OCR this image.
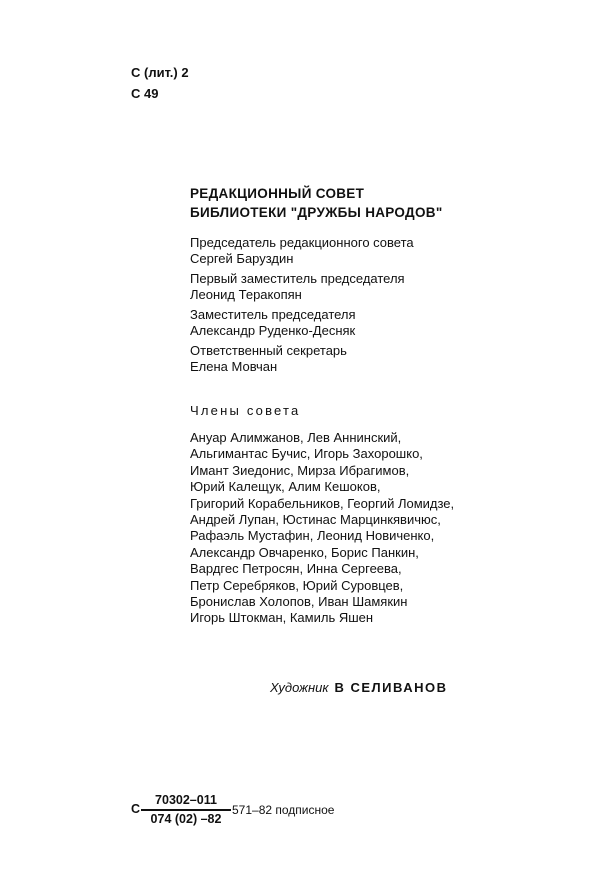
С (лит.) 2
С 49
РЕДАКЦИОННЫЙ СОВЕТ
БИБЛИОТЕКИ "ДРУЖБЫ НАРОДОВ"
Председатель редакционного совета
Сергей Баруздин
Первый заместитель председателя
Леонид Теракопян
Заместитель председателя
Александр Руденко-Десняк
Ответственный секретарь
Елена Мовчан
Члены совета
Ануар Алимжанов, Лев Аннинский,
Альгимантас Бучис, Игорь Захорошко,
Имант Зиедонис, Мирза Ибрагимов,
Юрий Калещук, Алим Кешоков,
Григорий Корабельников, Георгий Ломидзе,
Андрей Лупан, Юстинас Марцинкявичюс,
Рафаэль Мустафин, Леонид Новиченко,
Александр Овчаренко, Борис Панкин,
Вардгес Петросян, Инна Сергеева,
Петр Серебряков, Юрий Суровцев,
Бронислав Холопов, Иван Шамякин
Игорь Штокман, Камиль Яшен
Художник В СЕЛИВАНОВ
С
70302–011
074 (02) –82
571–82 подписное
